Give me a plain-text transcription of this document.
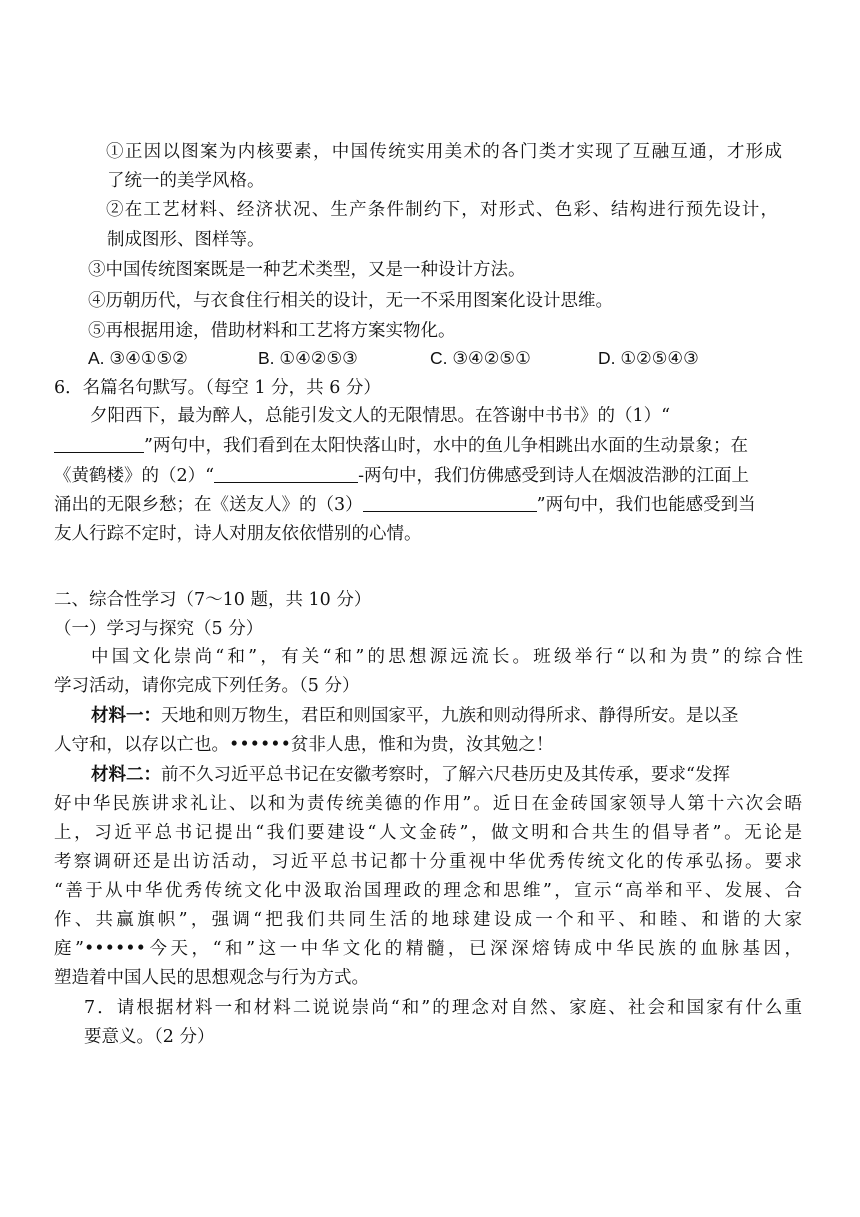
①正因以图案为内核要素，中国传统实用美术的各门类才实现了互融互通，才形成
了统一的美学风格。
②在工艺材料、经济状况、生产条件制约下，对形式、色彩、结构进行预先设计，
制成图形、图样等。
③中国传统图案既是一种艺术类型，又是一种设计方法。
④历朝历代，与衣食住行相关的设计，无一不采用图案化设计思维。
⑤再根据用途，借助材料和工艺将方案实物化。
A. ③④①⑤②	B. ①④②⑤③	C. ③④②⑤①	D. ①②⑤④③
6．名篇名句默写。（每空 1 分，共 6 分）
夕阳西下，最为醉人，总能引发文人的无限情思。在答谢中书书》的（1）“
”两句中，我们看到在太阳快落山时，水中的鱼儿争相跳出水面的生动景象；在
《黄鹤楼》的（2）“	-两句中，我们仿佛感受到诗人在烟波浩渺的江面上
涌出的无限乡愁；在《送友人》的（3）	”两句中，我们也能感受到当
友人行踪不定时，诗人对朋友依依惜别的心情。
二、综合性学习（7～10 题，共 10 分）
（一）学习与探究（5 分）
中国文化崇尚“和”，有关“和”的思想源远流长。班级举行“以和为贵”的综合性
学习活动，请你完成下列任务。（5 分）
材料一：天地和则万物生，君臣和则国家平，九族和则动得所求、静得所安。是以圣
人守和，以存以亡也。••••••贫非人患，惟和为贵，汝其勉之！
材料二：前不久习近平总书记在安徽考察时，了解六尺巷历史及其传承，要求“发挥
好中华民族讲求礼让、以和为责传统美德的作用”。近日在金砖国家领导人第十六次会晤
上，习近平总书记提出“我们要建设“人文金砖”，做文明和合共生的倡导者”。无论是
考察调研还是出访活动，习近平总书记都十分重视中华优秀传统文化的传承弘扬。要求
“善于从中华优秀传统文化中汲取治国理政的理念和思维”，宣示“高举和平、发展、合
作、共赢旗帜”，强调“把我们共同生活的地球建设成一个和平、和睦、和谐的大家
庭”••••••今天，“和”这一中华文化的精髓，已深深熔铸成中华民族的血脉基因，
塑造着中国人民的思想观念与行为方式。
7．请根据材料一和材料二说说崇尚“和”的理念对自然、家庭、社会和国家有什么重
要意义。（2 分）
